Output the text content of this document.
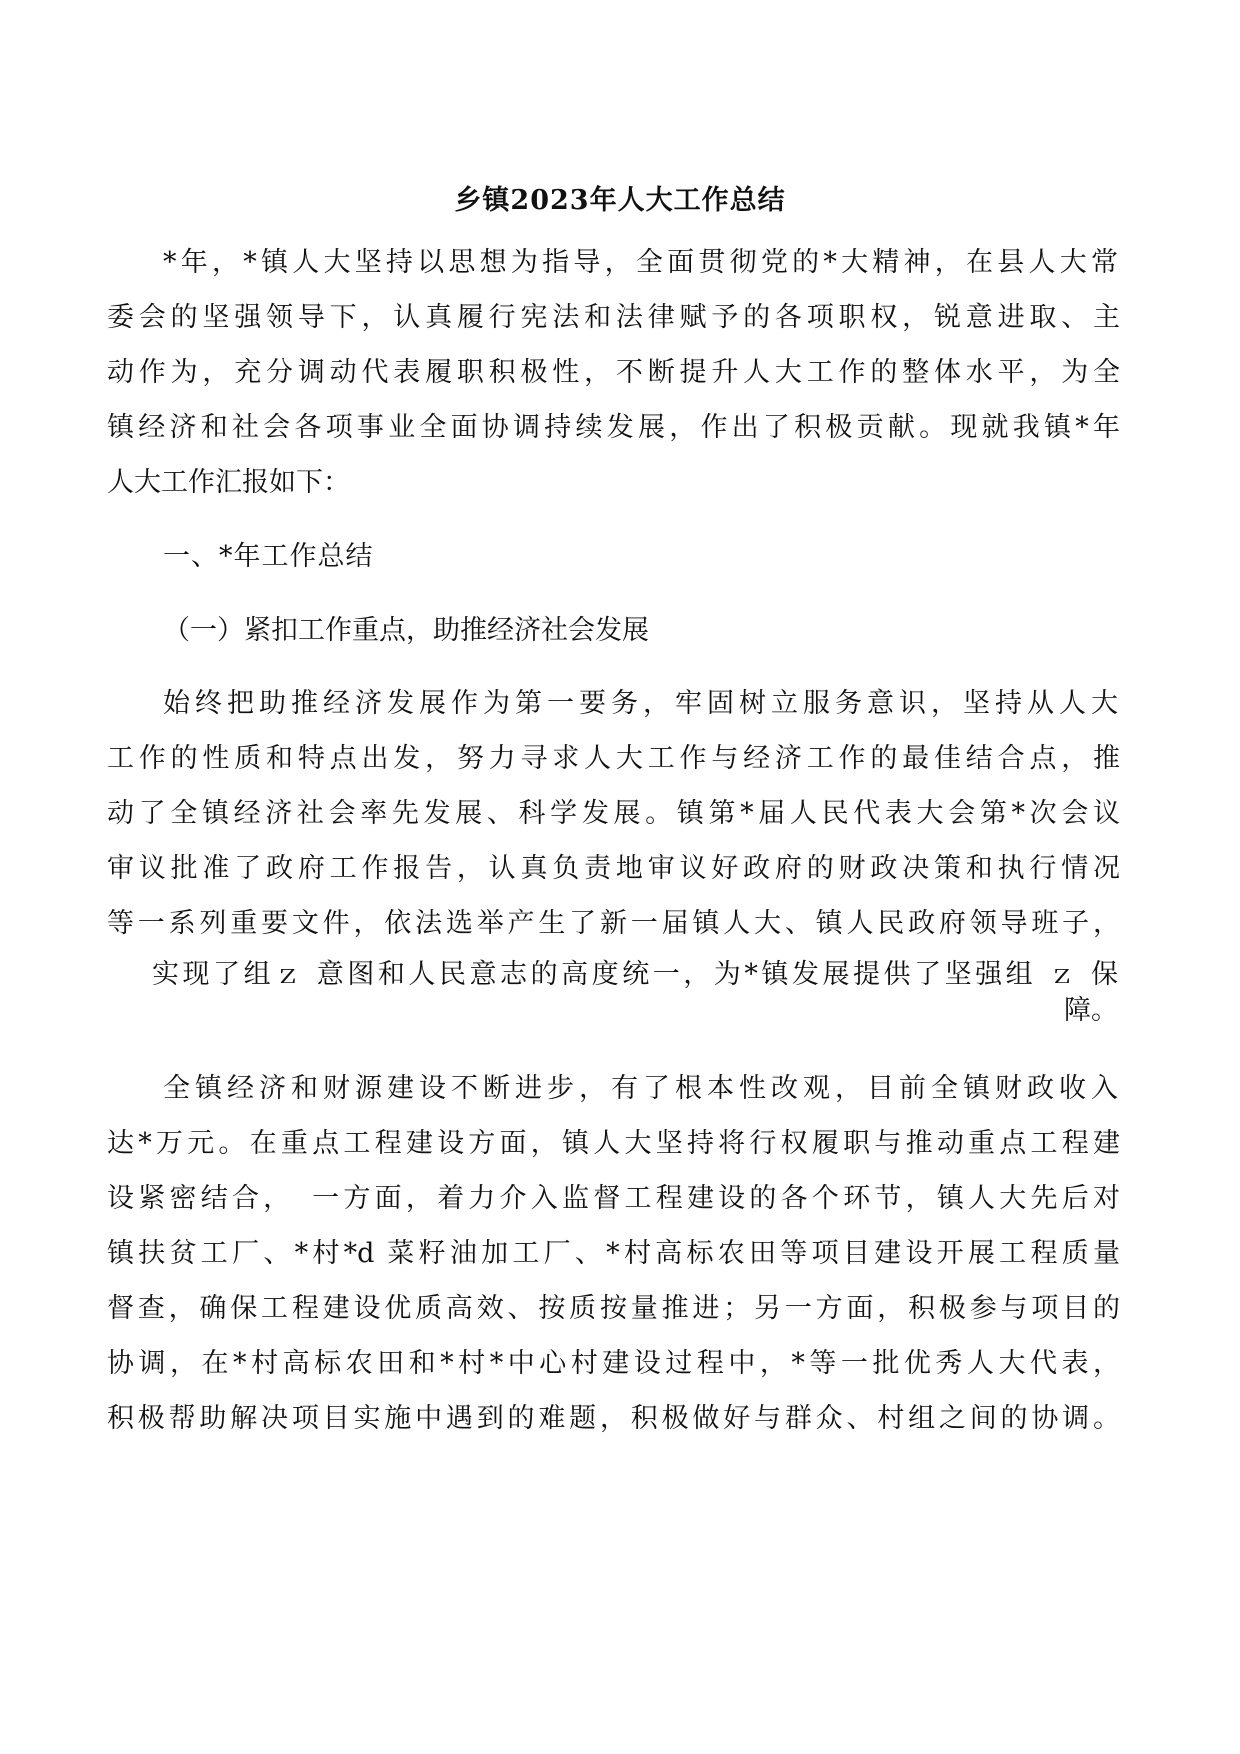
乡镇2023年人大工作总结
*年，*镇人大坚持以思想为指导，全面贯彻党的*大精神，在县人大常
委会的坚强领导下，认真履行宪法和法律赋予的各项职权，锐意进取、主
动作为，充分调动代表履职积极性，不断提升人大工作的整体水平，为全
镇经济和社会各项事业全面协调持续发展，作出了积极贡献。现就我镇*年
人大工作汇报如下：
一、*年工作总结
（一）紧扣工作重点，助推经济社会发展
始终把助推经济发展作为第一要务，牢固树立服务意识，坚持从人大
工作的性质和特点出发，努力寻求人大工作与经济工作的最佳结合点，推
动了全镇经济社会率先发展、科学发展。镇第*届人民代表大会第*次会议
审议批准了政府工作报告，认真负责地审议好政府的财政决策和执行情况
等一系列重要文件，依法选举产生了新一届镇人大、镇人民政府领导班子，
实现了组ｚ 意图和人民意志的高度统一，为*镇发展提供了坚强组 ｚ 保
障。
全镇经济和财源建设不断进步，有了根本性改观，目前全镇财政收入
达*万元。在重点工程建设方面，镇人大坚持将行权履职与推动重点工程建
设紧密结合，　一方面，着力介入监督工程建设的各个环节，镇人大先后对
镇扶贫工厂、*村*d 菜籽油加工厂、*村高标农田等项目建设开展工程质量
督查，确保工程建设优质高效、按质按量推进；另一方面，积极参与项目的
协调，在*村高标农田和*村*中心村建设过程中，*等一批优秀人大代表，
积极帮助解决项目实施中遇到的难题，积极做好与群众、村组之间的协调。
